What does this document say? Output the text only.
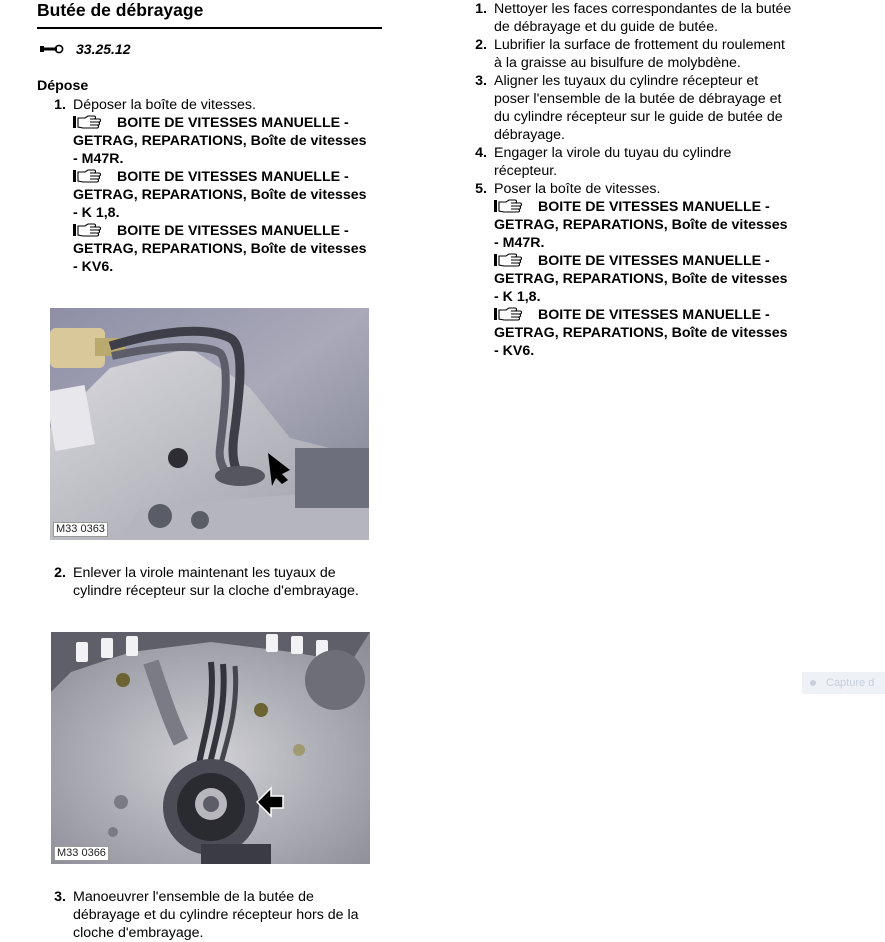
Butée de débrayage
33.25.12
Dépose
1. Déposer la boîte de vitesses.
BOITE DE VITESSES MANUELLE -
GETRAG, REPARATIONS, Boîte de vitesses
- M47R.
BOITE DE VITESSES MANUELLE -
GETRAG, REPARATIONS, Boîte de vitesses
- K 1,8.
BOITE DE VITESSES MANUELLE -
GETRAG, REPARATIONS, Boîte de vitesses
- KV6.
M33 0363
2. Enlever la virole maintenant les tuyaux de
cylindre récepteur sur la cloche d'embrayage.
M33 0366
3. Manoeuvrer l'ensemble de la butée de
débrayage et du cylindre récepteur hors de la
cloche d'embrayage.
1. Nettoyer les faces correspondantes de la butée
de débrayage et du guide de butée.
2. Lubrifier la surface de frottement du roulement
à la graisse au bisulfure de molybdène.
3. Aligner les tuyaux du cylindre récepteur et
poser l'ensemble de la butée de débrayage et
du cylindre récepteur sur le guide de butée de
débrayage.
4. Engager la virole du tuyau du cylindre
récepteur.
5. Poser la boîte de vitesses.
BOITE DE VITESSES MANUELLE -
GETRAG, REPARATIONS, Boîte de vitesses
- M47R.
BOITE DE VITESSES MANUELLE -
GETRAG, REPARATIONS, Boîte de vitesses
- K 1,8.
BOITE DE VITESSES MANUELLE -
GETRAG, REPARATIONS, Boîte de vitesses
- KV6.
Capture d
